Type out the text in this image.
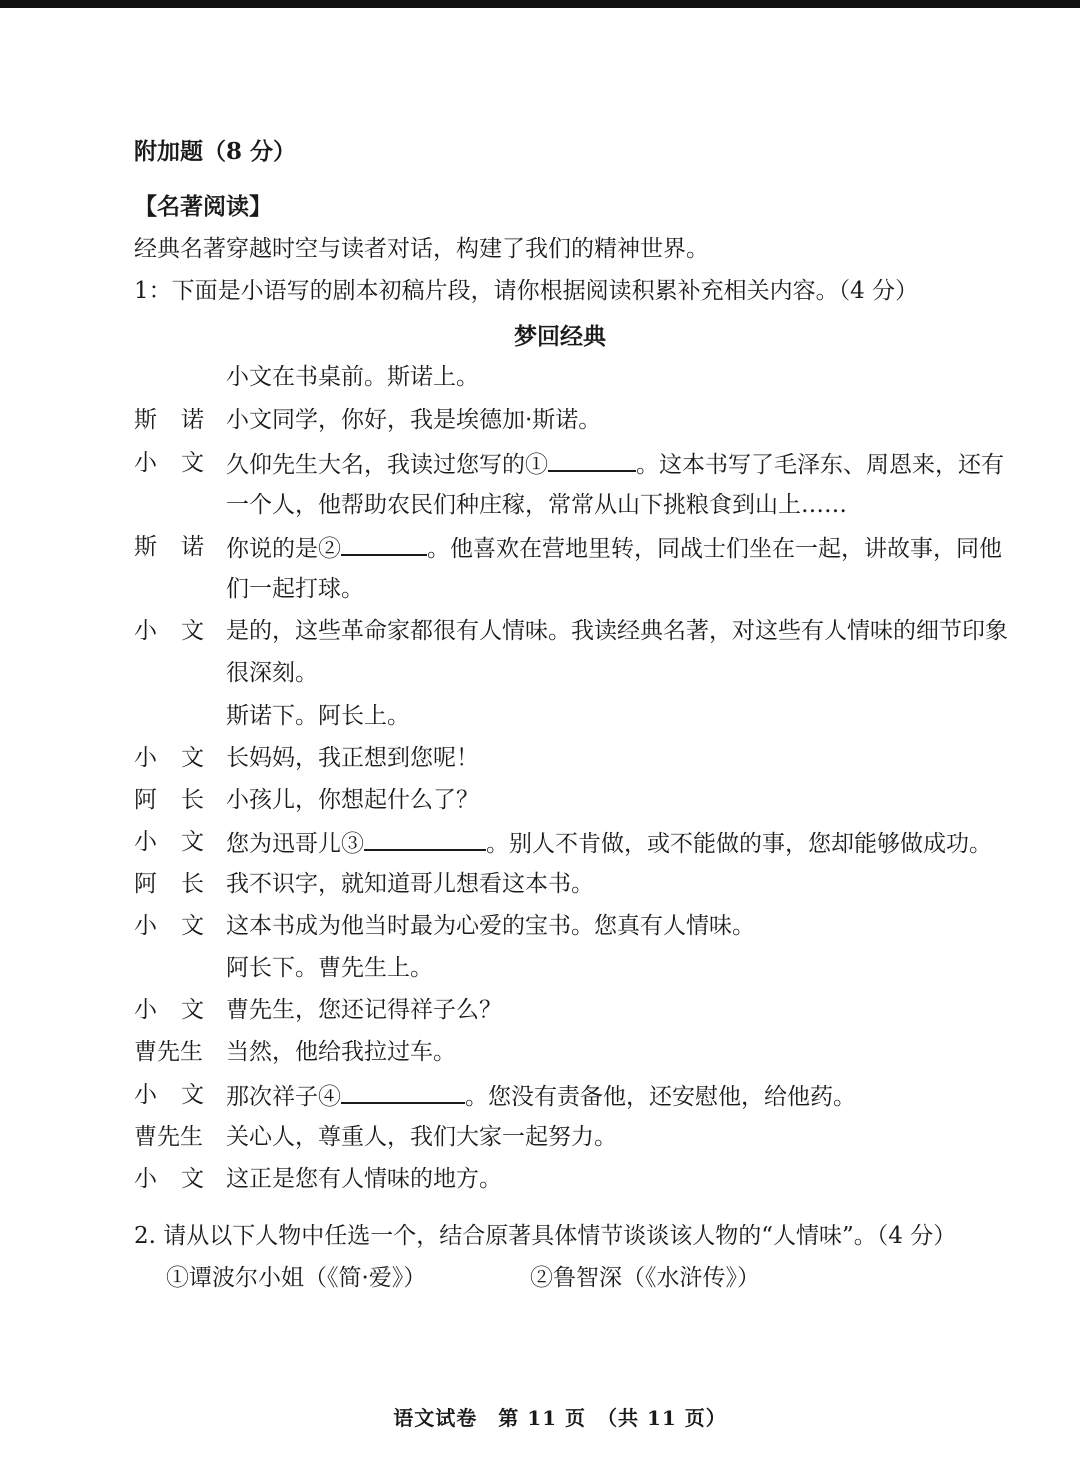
附加题（8 分）
【名著阅读】
经典名著穿越时空与读者对话，构建了我们的精神世界。
1：下面是小语写的剧本初稿片段，请你根据阅读积累补充相关内容。（4 分）
梦回经典
小文在书桌前。斯诺上。
斯 诺 小文同学，你好，我是埃德加·斯诺。
小 文 久仰先生大名，我读过您写的①	。这本书写了毛泽东、周恩来，还有
一个人，他帮助农民们种庄稼，常常从山下挑粮食到山上……
斯 诺 你说的是②	。他喜欢在营地里转，同战士们坐在一起，讲故事，同他
们一起打球。
小 文 是的，这些革命家都很有人情味。我读经典名著，对这些有人情味的细节印象
很深刻。
斯诺下。阿长上。
小 文 长妈妈，我正想到您呢！
阿 长 小孩儿，你想起什么了？
小 文 您为迅哥儿③	。别人不肯做，或不能做的事，您却能够做成功。
阿 长 我不识字，就知道哥儿想看这本书。
小 文 这本书成为他当时最为心爱的宝书。您真有人情味。
阿长下。曹先生上。
小 文 曹先生，您还记得祥子么？
曹先生 当然，他给我拉过车。
小 文 那次祥子④	。您没有责备他，还安慰他，给他药。
曹先生 关心人，尊重人，我们大家一起努力。
小 文 这正是您有人情味的地方。
2. 请从以下人物中任选一个，结合原著具体情节谈谈该人物的“人情味”。（4 分）
①谭波尔小姐（《简·爱》）	②鲁智深（《水浒传》）
语文试卷　第 11 页　（共 11 页）
